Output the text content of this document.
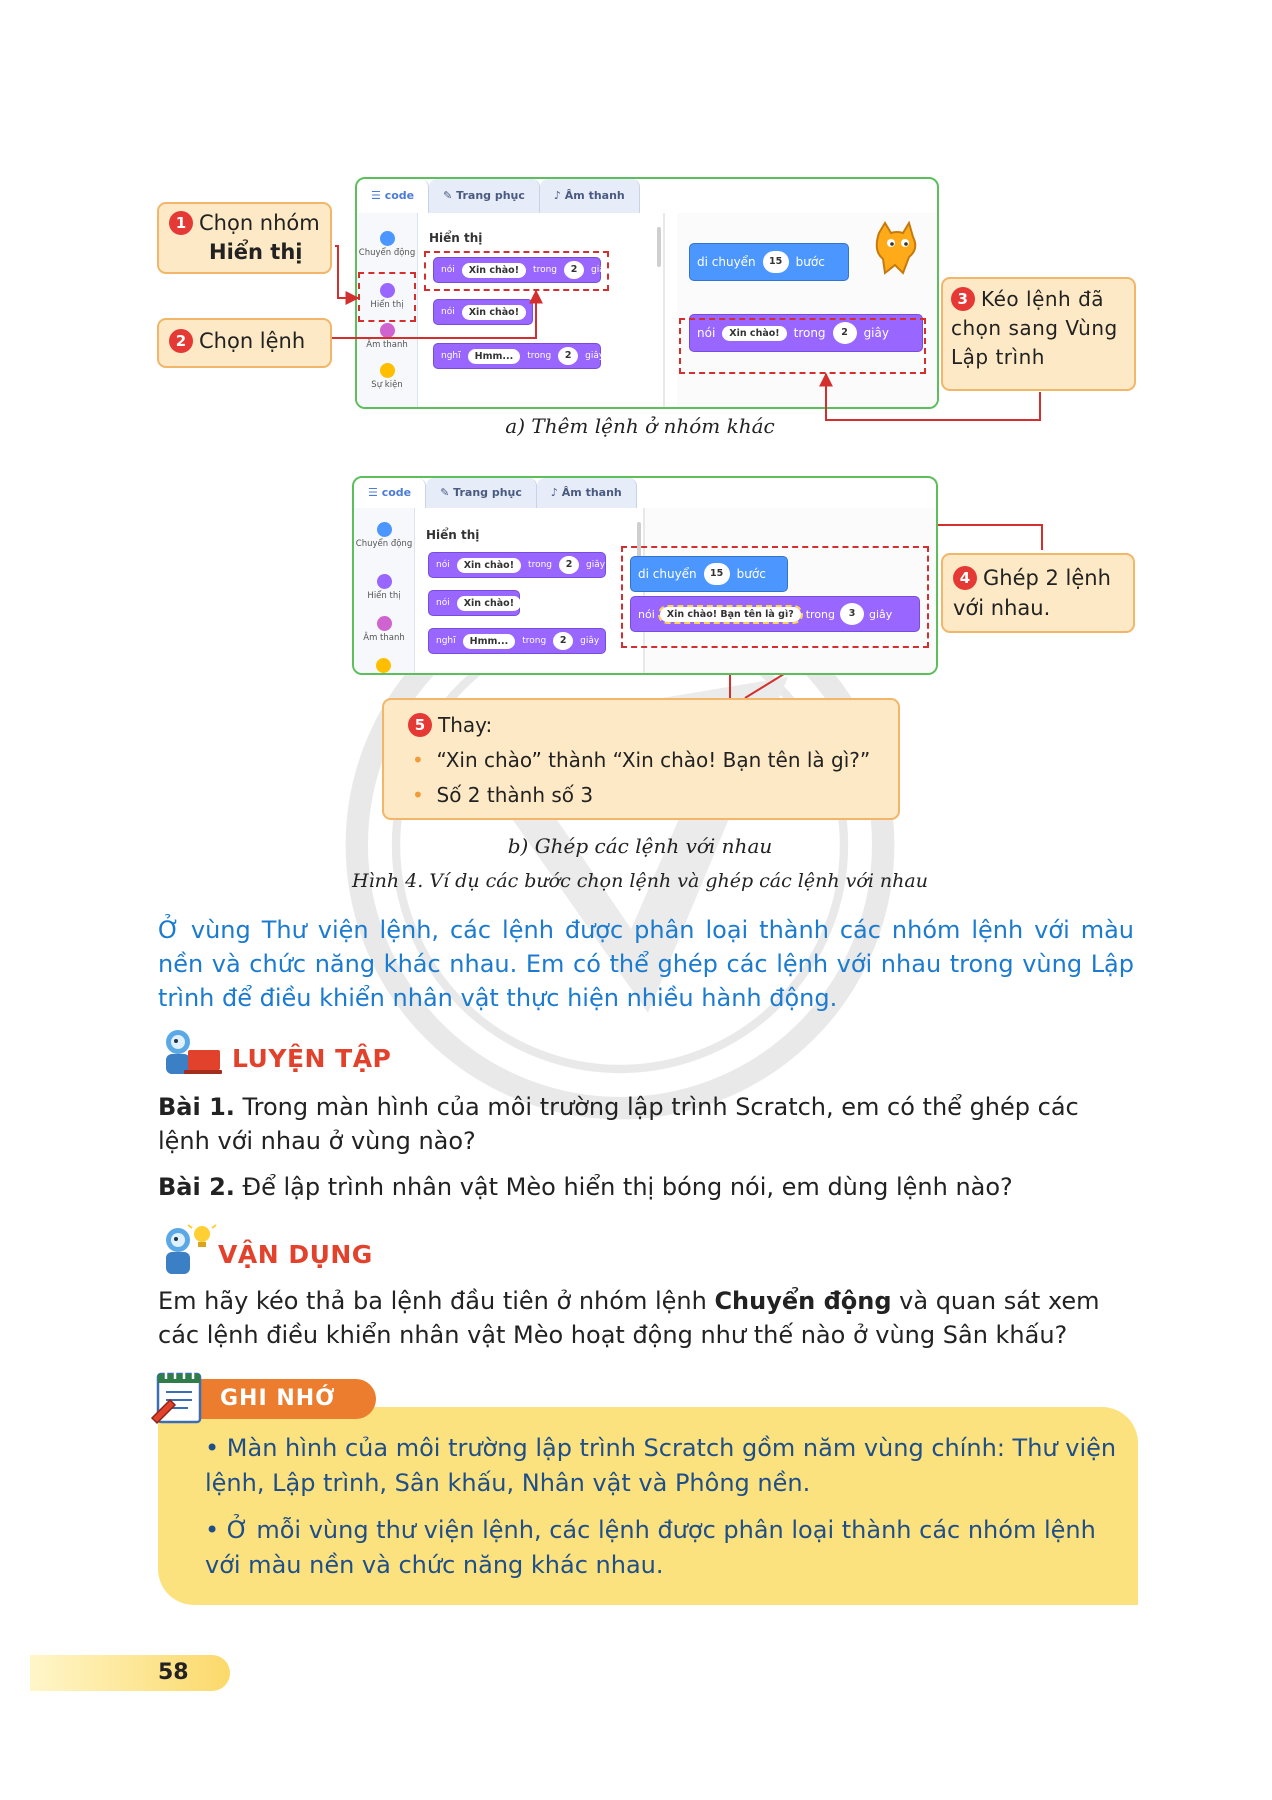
☰ code	✎ Trang phục	♪ Âm thanh
Chuyển động
Hiển thị
Âm thanh
Sự kiện
Hiển thị
nói	Xin chào!	trong	2	giây
nói	Xin chào!
nghĩ	Hmm...	trong	2	giây
di chuyển	15	bước
nói	Xin chào!	trong	2	giây
1 Chọn nhóm
Hiển thị
2 Chọn lệnh
3 Kéo lệnh đã
chọn sang Vùng
Lập trình
a) Thêm lệnh ở nhóm khác
☰ code	✎ Trang phục	♪ Âm thanh
Chuyển động
Hiển thị
Âm thanh
Hiển thị
nói	Xin chào!	trong	2	giây
nói	Xin chào!
nghĩ	Hmm...	trong	2	giây
di chuyển	15	bước
nói	Xin chào! Bạn tên là gì?	trong	3	giây
4 Ghép 2 lệnh
với nhau.
5 Thay:
•  “Xin chào” thành “Xin chào! Bạn tên là gì?”
•  Số 2 thành số 3
b) Ghép các lệnh với nhau
Hình 4. Ví dụ các bước chọn lệnh và ghép các lệnh với nhau
Ở vùng Thư viện lệnh, các lệnh được phân loại thành các nhóm lệnh với màu nền và chức năng khác nhau. Em có thể ghép các lệnh với nhau trong vùng Lập trình để điều khiển nhân vật thực hiện nhiều hành động.
LUYỆN TẬP
Bài 1. Trong màn hình của môi trường lập trình Scratch, em có thể ghép các lệnh với nhau ở vùng nào?
Bài 2. Để lập trình nhân vật Mèo hiển thị bóng nói, em dùng lệnh nào?
VẬN DỤNG
Em hãy kéo thả ba lệnh đầu tiên ở nhóm lệnh Chuyển động và quan sát xem các lệnh điều khiển nhân vật Mèo hoạt động như thế nào ở vùng Sân khấu?
GHI NHỚ
• Màn hình của môi trường lập trình Scratch gồm năm vùng chính: Thư viện lệnh, Lập trình, Sân khấu, Nhân vật và Phông nền.
• Ở mỗi vùng thư viện lệnh, các lệnh được phân loại thành các nhóm lệnh với màu nền và chức năng khác nhau.
58
